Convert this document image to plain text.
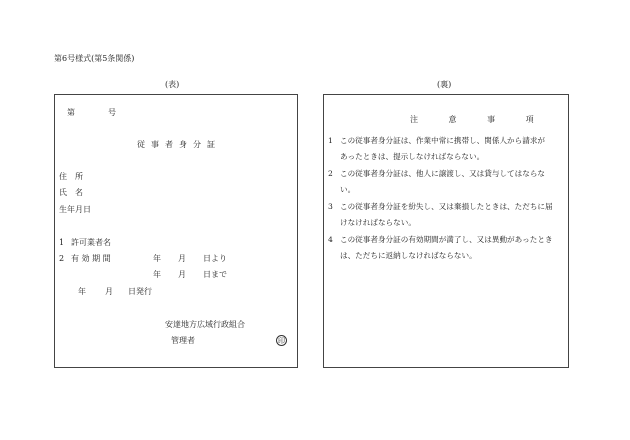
第6号様式(第5条関係)
(表)	(裏)
第	号
従事者身分証
住　所
氏　名
生年月日
1 許可業者名
2 有 効 期 間	年 月 日より
年 月 日まで
年 月 日発行
安達地方広域行政組合
管理者	印
注 意 事 項
1 この従事者身分証は、作業中常に携帯し、関係人から請求が
あったときは、提示しなければならない。
2 この従事者身分証は、他人に譲渡し、又は貸与してはならな
い。
3 この従事者身分証を紛失し、又は棄損したときは、ただちに届
けなければならない。
4 この従事者身分証の有効期間が満了し、又は異動があったとき
は、ただちに返納しなければならない。
